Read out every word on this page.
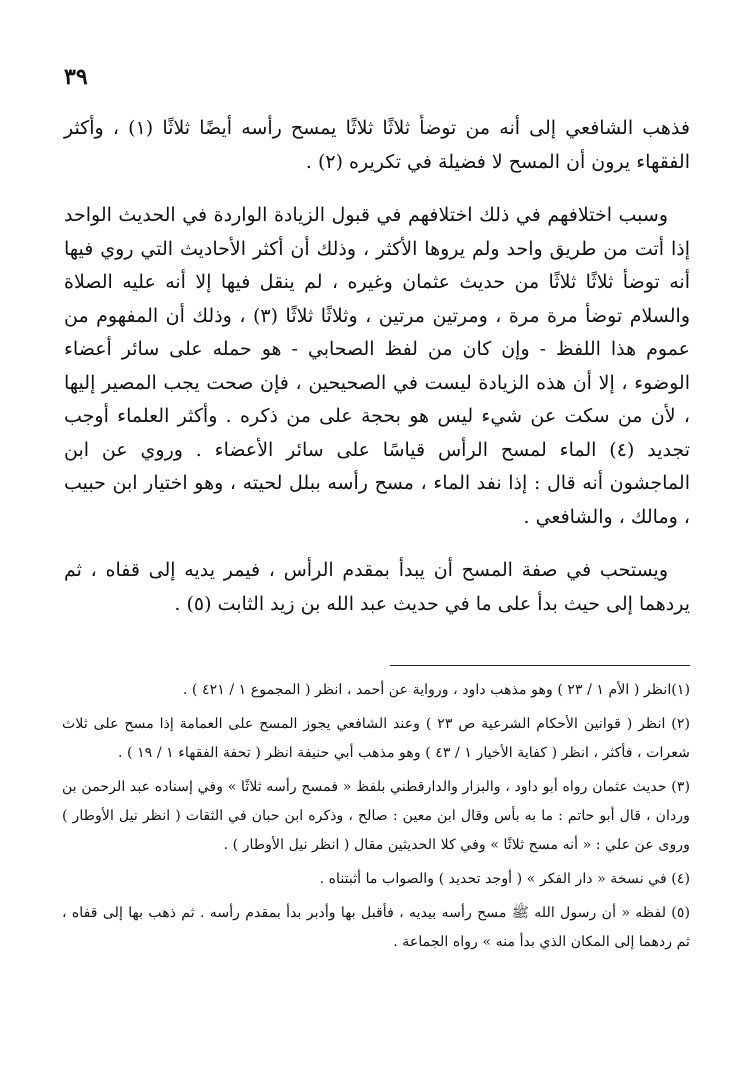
٣٩

فذهب الشافعي إلى أنه من توضأ ثلاثًا ثلاثًا يمسح رأسه أيضًا ثلاثًا (١) ، وأكثر الفقهاء يرون أن المسح لا فضيلة في تكريره (٢) .

وسبب اختلافهم في ذلك اختلافهم في قبول الزيادة الواردة في الحديث الواحد إذا أتت من طريق واحد ولم يروها الأكثر ، وذلك أن أكثر الأحاديث التي روي فيها أنه توضأ ثلاثًا ثلاثًا من حديث عثمان وغيره ، لم ينقل فيها إلا أنه عليه الصلاة والسلام توضأ مرة مرة ، ومرتين مرتين ، وثلاثًا ثلاثًا (٣) ، وذلك أن المفهوم من عموم هذا اللفظ - وإن كان من لفظ الصحابي - هو حمله على سائر أعضاء الوضوء ، إلا أن هذه الزيادة ليست في الصحيحين ، فإن صحت يجب المصير إليها ، لأن من سكت عن شيء ليس هو بحجة على من ذكره . وأكثر العلماء أوجب تجديد (٤) الماء لمسح الرأس قياسًا على سائر الأعضاء . وروي عن ابن الماجشون أنه قال : إذا نفد الماء ، مسح رأسه ببلل لحيته ، وهو اختيار ابن حبيب ، ومالك ، والشافعي .

ويستحب في صفة المسح أن يبدأ بمقدم الرأس ، فيمر يديه إلى قفاه ، ثم يردهما إلى حيث بدأ على ما في حديث عبد الله بن زيد الثابت (٥) .

(١)انظر ( الأم ١ / ٢٣ ) وهو مذهب داود ، ورواية عن أحمد ، انظر ( المجموع ١ / ٤٢١ ) .
(٢) انظر ( قوانين الأحكام الشرعية ص ٢٣ ) وعند الشافعي يجوز المسح على العمامة إذا مسح على ثلاث شعرات ، فأكثر ، انظر ( كفاية الأخيار ١ / ٤٣ ) وهو مذهب أبي حنيفة انظر ( تحفة الفقهاء ١ / ١٩ ) .
(٣) حديث عثمان رواه أبو داود ، والبزار والدارقطني بلفظ « فمسح رأسه ثلاثًا » وفي إسناده عبد الرحمن بن وردان ، قال أبو حاتم : ما به بأس وقال ابن معين : صالح ، وذكره ابن حبان في الثقات ( انظر نيل الأوطار ) وروى عن علي : « أنه مسح ثلاثًا » وفي كلا الحديثين مقال ( انظر نيل الأوطار ) .
(٤) في نسخة « دار الفكر » ( أوجد تحديد ) والصواب ما أثبتناه .
(٥) لفظه « أن رسول الله ﷺ مسح رأسه بيديه ، فأقبل بها وأدبر بدأ بمقدم رأسه . ثم ذهب بها إلى قفاه ، ثم ردهما إلى المكان الذي بدأ منه » رواه الجماعة .
